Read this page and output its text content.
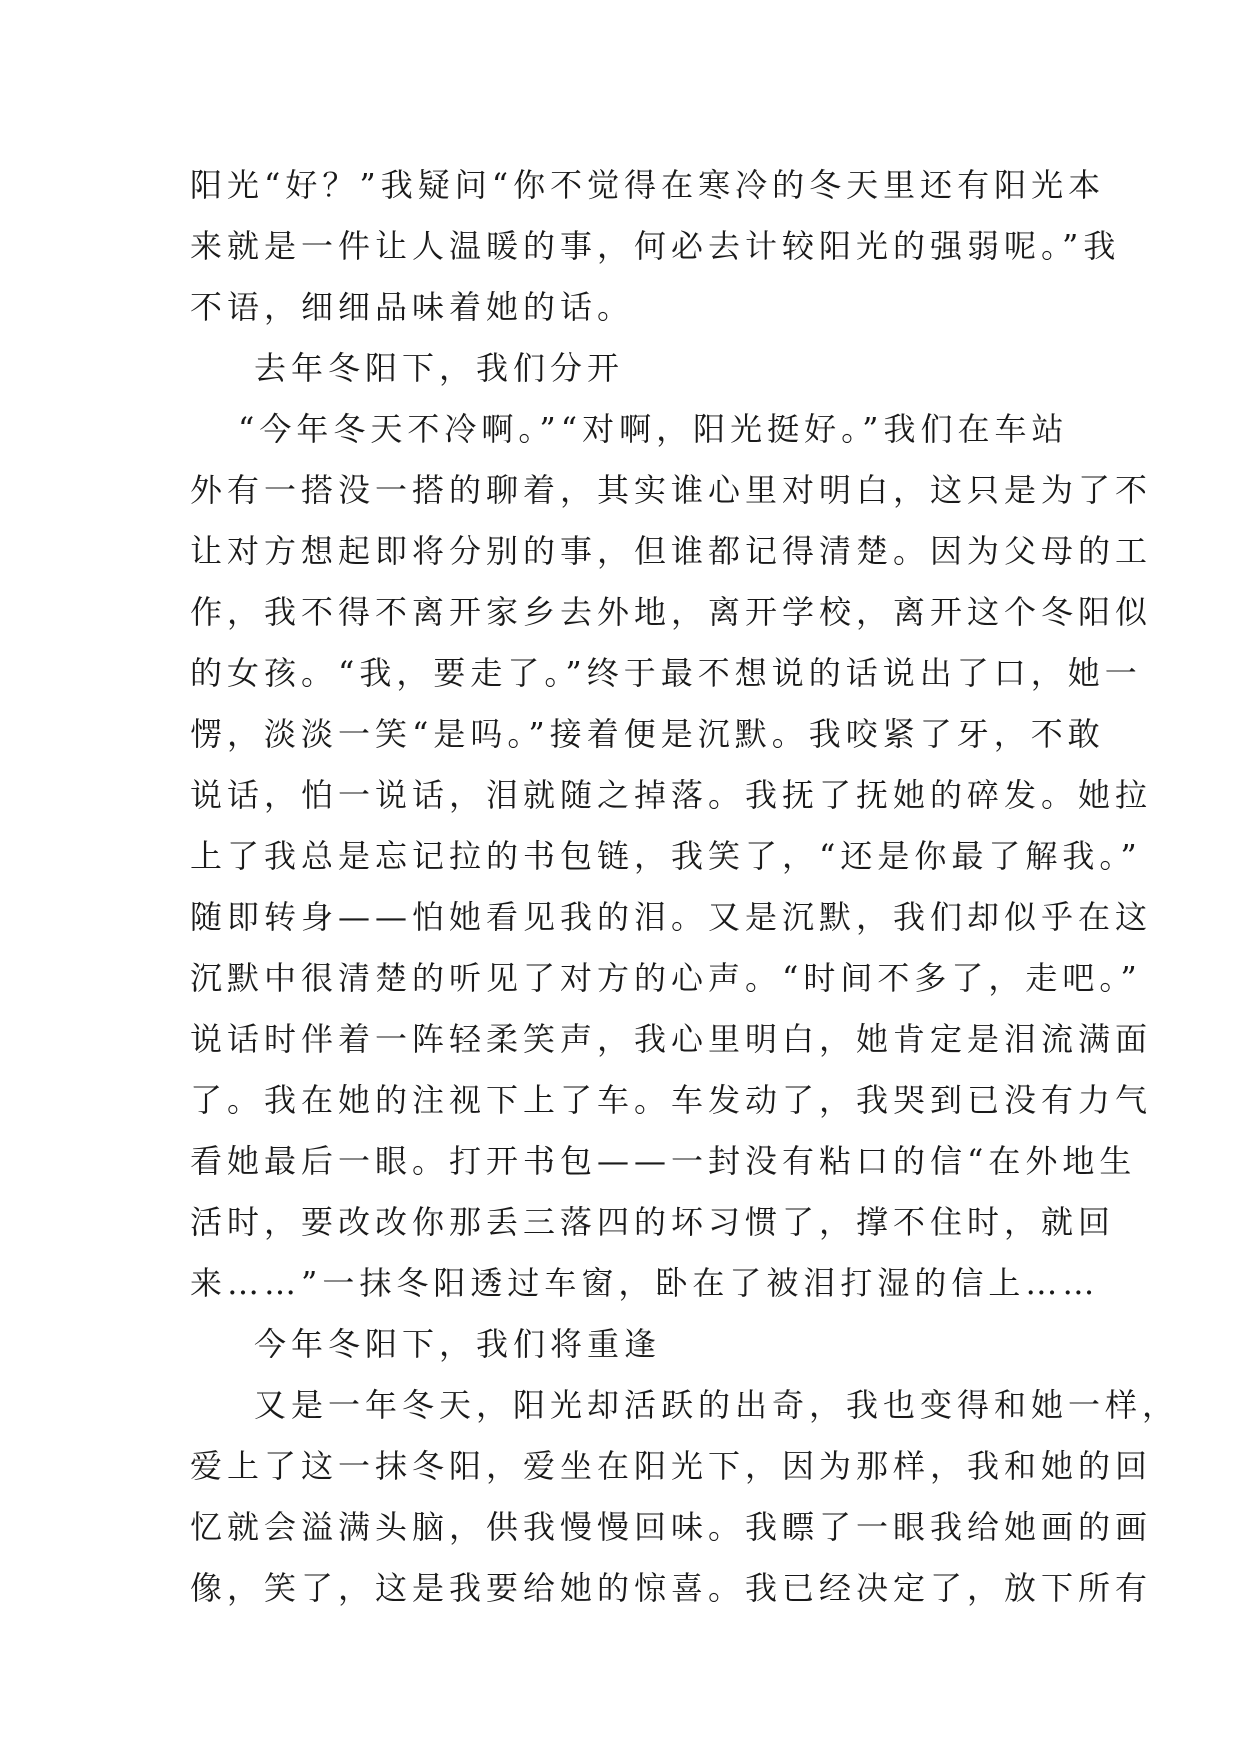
阳光“好？”我疑问“你不觉得在寒冷的冬天里还有阳光本
来就是一件让人温暖的事，何必去计较阳光的强弱呢。”我
不语，细细品味着她的话。
去年冬阳下，我们分开
“今年冬天不冷啊。”“对啊，阳光挺好。”我们在车站
外有一搭没一搭的聊着，其实谁心里对明白，这只是为了不
让对方想起即将分别的事，但谁都记得清楚。因为父母的工
作，我不得不离开家乡去外地，离开学校，离开这个冬阳似
的女孩。“我，要走了。”终于最不想说的话说出了口，她一
愣，淡淡一笑“是吗。”接着便是沉默。我咬紧了牙，不敢
说话，怕一说话，泪就随之掉落。我抚了抚她的碎发。她拉
上了我总是忘记拉的书包链，我笑了，“还是你最了解我。”
随即转身——怕她看见我的泪。又是沉默，我们却似乎在这
沉默中很清楚的听见了对方的心声。“时间不多了，走吧。”
说话时伴着一阵轻柔笑声，我心里明白，她肯定是泪流满面
了。我在她的注视下上了车。车发动了，我哭到已没有力气
看她最后一眼。打开书包——一封没有粘口的信“在外地生
活时，要改改你那丢三落四的坏习惯了，撑不住时，就回
来……”一抹冬阳透过车窗，卧在了被泪打湿的信上……
今年冬阳下，我们将重逢
又是一年冬天，阳光却活跃的出奇，我也变得和她一样，
爱上了这一抹冬阳，爱坐在阳光下，因为那样，我和她的回
忆就会溢满头脑，供我慢慢回味。我瞟了一眼我给她画的画
像，笑了，这是我要给她的惊喜。我已经决定了，放下所有
